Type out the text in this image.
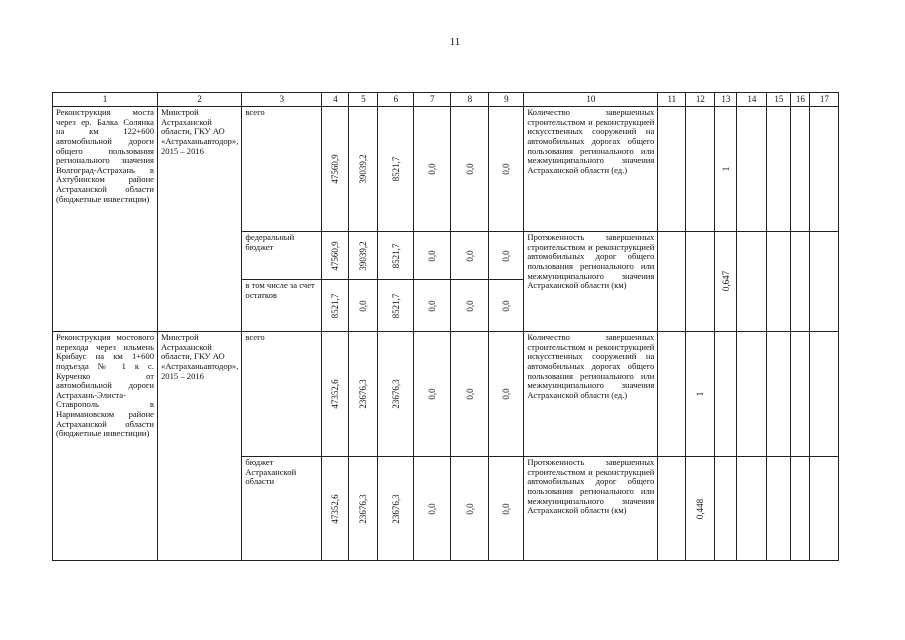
11
1	2	3	4	5	6	7	8	9	10	11	12	13	14	15	16	17

Реконструкция моста через ер. Балка Солянка на км 122+600 автомобильной дороги общего пользования регионального значения Волгоград-Астрахань в Ахтубинском районе Астраханской области (бюджетные инвестиции)	Минстрой Астраханской области, ГКУ АО «Астраханьавтодор», 2015 – 2016	всего	47560,9	39039,2	8521,7	0,0	0,0	0,0	Количество завершенных строительством и реконструкцией искусственных сооружений на автомобильных дорогах общего пользования регионального или межмуниципального значения Астраханской области (ед.)			1				

		федеральный бюджет	47560,9	39039,2	8521,7	0,0	0,0	0,0	Протяженность завершенных строительством и реконструкцией автомобильных дорог общего пользования регионального или межмуниципального значения Астраханской области (км)			0,647				

		в том числе за счет остатков	8521,7	0,0	8521,7	0,0	0,0	0,0								

Реконструкция мостового перехода через ильмень Крибаус на км 1+600 подъезда № 1 к с. Курченко от автомобильной дороги Астрахань-Элиста-Ставрополь в Наримановском районе Астраханской области (бюджетные инвестиции)	Минстрой Астраханской области, ГКУ АО «Астраханьавтодор», 2015 – 2016	всего	47352,6	23676,3	23676,3	0,0	0,0	0,0	Количество завершенных строительством и реконструкцией искусственных сооружений на автомобильных дорогах общего пользования регионального или межмуниципального значения Астраханской области (ед.)		1					

		бюджет Астраханской области	47352,6	23676,3	23676,3	0,0	0,0	0,0	Протяженность завершенных строительством и реконструкцией автомобильных дорог общего пользования регионального или межмуниципального значения Астраханской области (км)		0,448					
